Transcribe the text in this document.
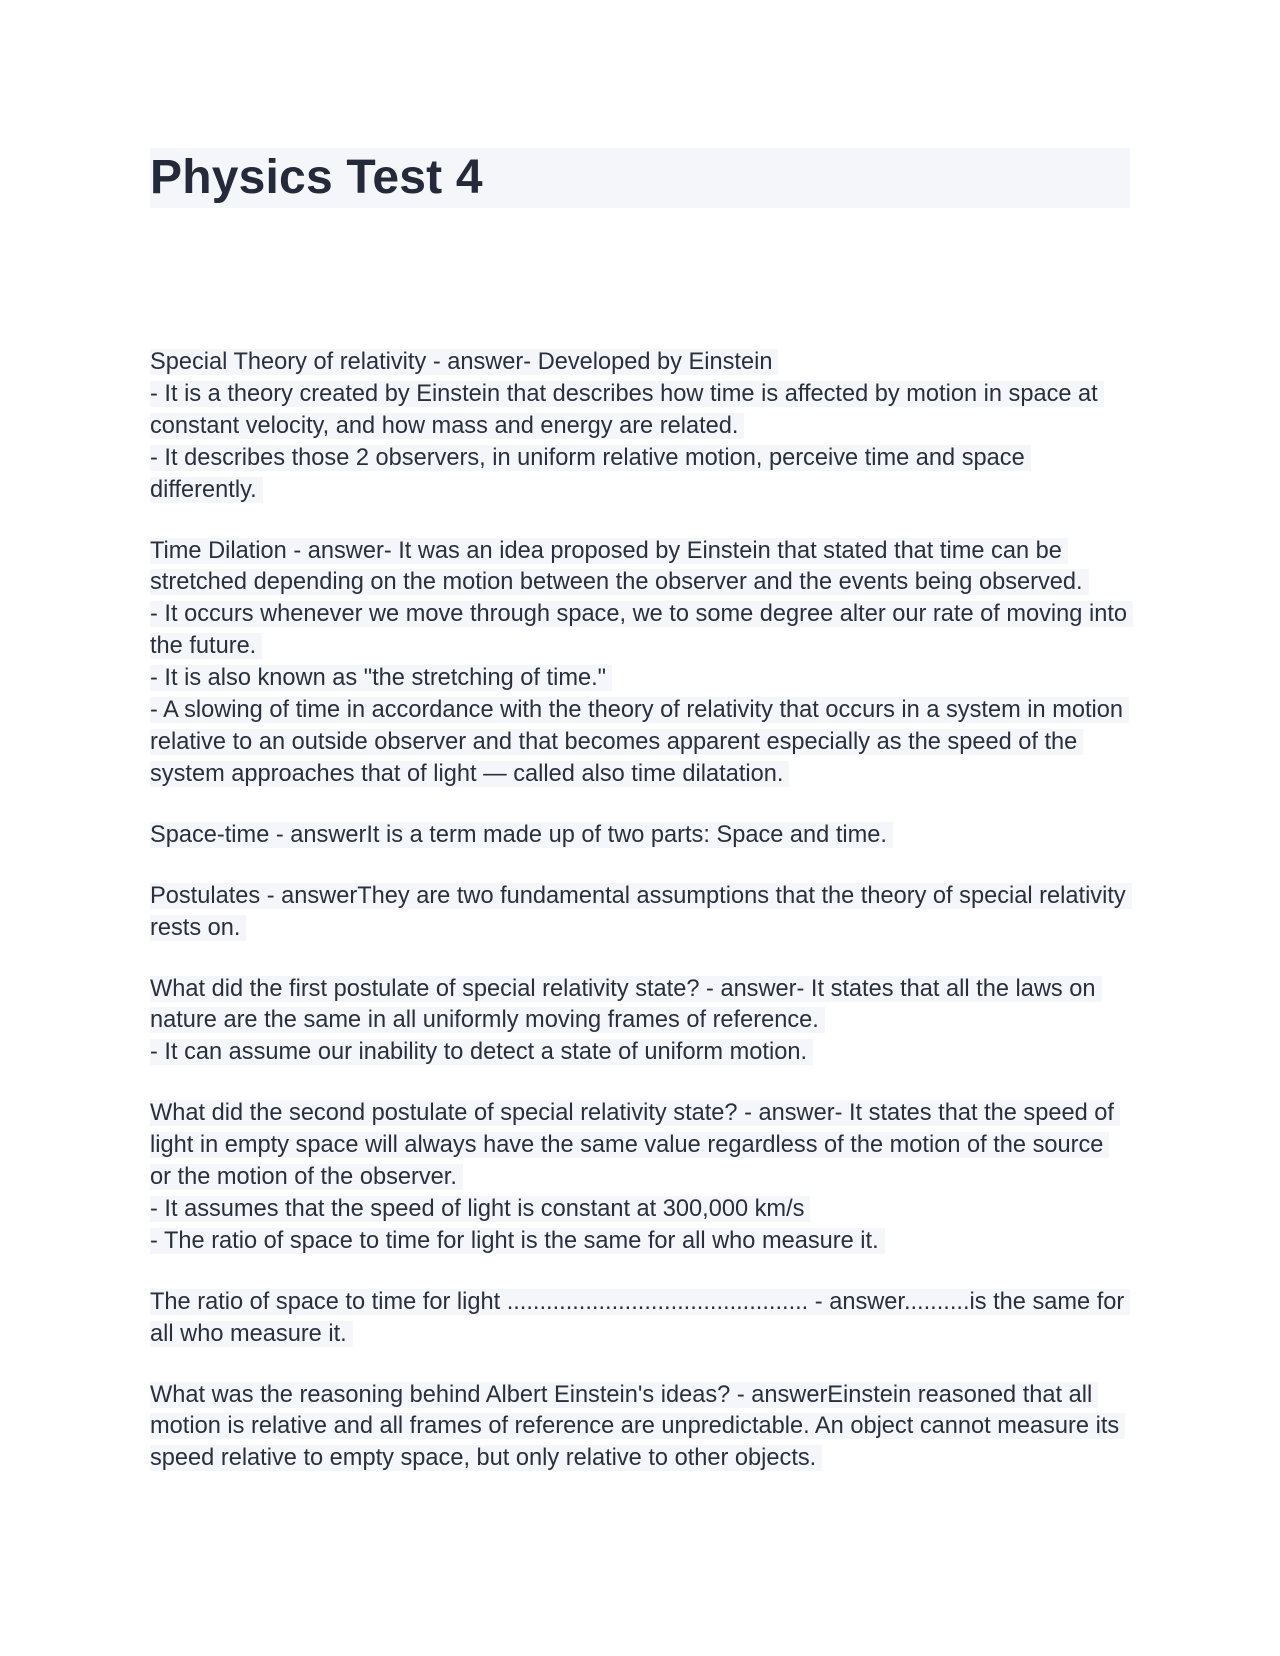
Physics Test 4

Special Theory of relativity - answer- Developed by Einstein

- It is a theory created by Einstein that describes how time is affected by motion in space at constant velocity, and how mass and energy are related.

- It describes those 2 observers, in uniform relative motion, perceive time and space differently.

Time Dilation - answer- It was an idea proposed by Einstein that stated that time can be stretched depending on the motion between the observer and the events being observed.

- It occurs whenever we move through space, we to some degree alter our rate of moving into the future.

- It is also known as "the stretching of time."

- A slowing of time in accordance with the theory of relativity that occurs in a system in motion relative to an outside observer and that becomes apparent especially as the speed of the system approaches that of light — called also time dilatation.

Space-time - answerIt is a term made up of two parts: Space and time.

Postulates - answerThey are two fundamental assumptions that the theory of special relativity rests on.

What did the first postulate of special relativity state? - answer- It states that all the laws on nature are the same in all uniformly moving frames of reference.

- It can assume our inability to detect a state of uniform motion.

What did the second postulate of special relativity state? - answer- It states that the speed of light in empty space will always have the same value regardless of the motion of the source or the motion of the observer.

- It assumes that the speed of light is constant at 300,000 km/s

- The ratio of space to time for light is the same for all who measure it.

The ratio of space to time for light .............................................. - answer..........is the same for all who measure it.

What was the reasoning behind Albert Einstein's ideas? - answerEinstein reasoned that all motion is relative and all frames of reference are unpredictable. An object cannot measure its speed relative to empty space, but only relative to other objects.
